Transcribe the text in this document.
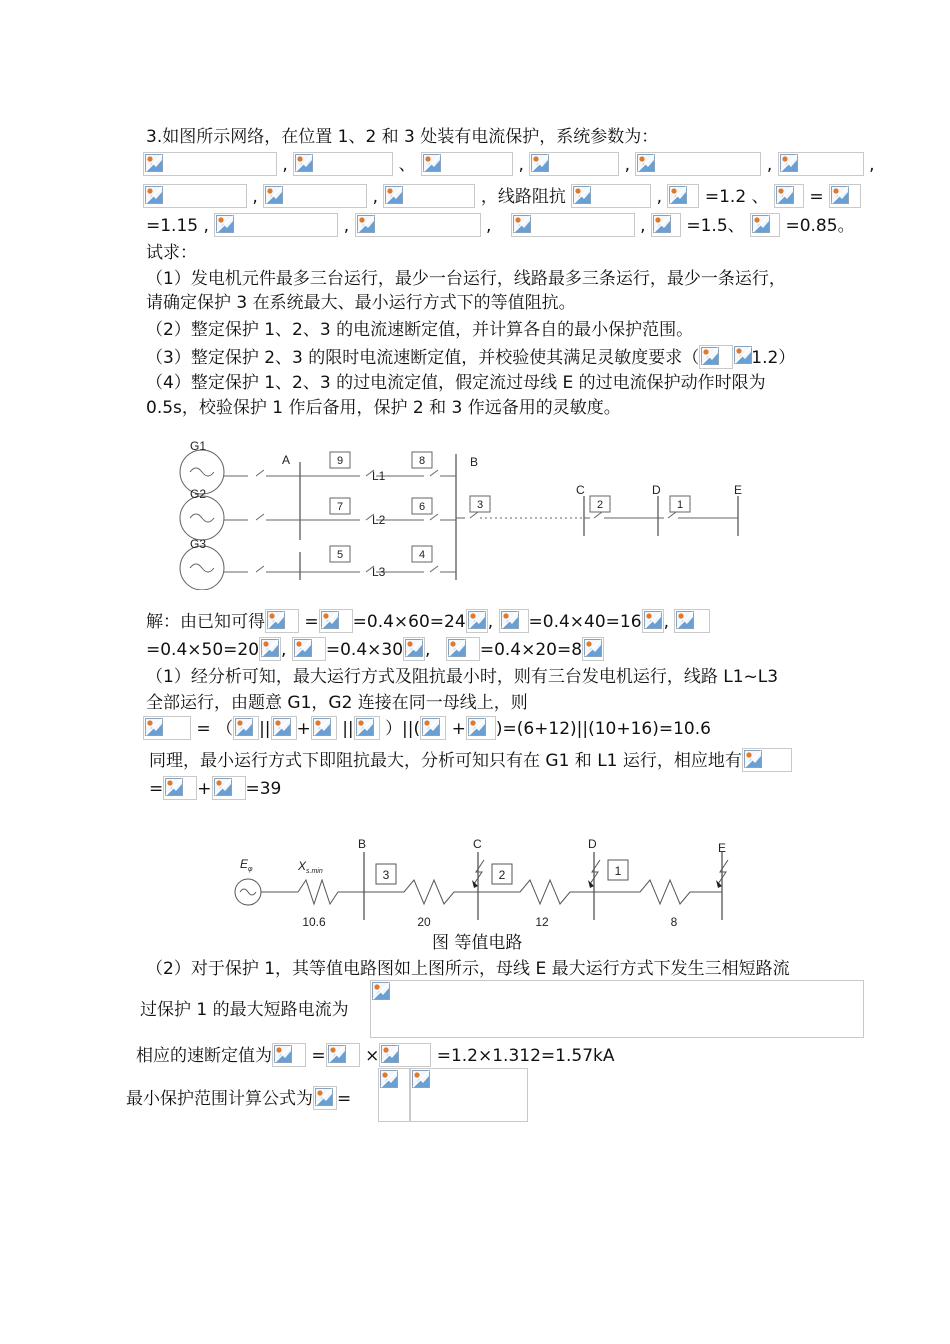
3.如图所示网络，在位置 1、2 和 3 处装有电流保护，系统参数为：
,	、	,	,	,	,
,	,	，线路阻抗	,	=1.2 、 =
=1.15 ,	,	,	, =1.5、 =0.85。
试求：
（1）发电机元件最多三台运行，最少一台运行，线路最多三条运行，最少一条运行，
请确定保护 3 在系统最大、最小运行方式下的等值阻抗。
（2）整定保护 1、2、3 的电流速断定值，并计算各自的最小保护范围。
（3）整定保护 2、3 的限时电流速断定值，并校验使其满足灵敏度要求（	1.2）
（4）整定保护 1、2、3 的过电流定值，假定流过母线 E 的过电流保护动作时限为
0.5s，校验保护 1 作后备用，保护 2 和 3 作远备用的灵敏度。
G1
G2
G3
L1
L2
L3
A	B
C	D	E
9	8
7	6
5	4
3	2	1
解：由已知可得 = =0.4×60=24 , =0.4×40=16 ,
=0.4×50=20 , =0.4×30 ,	=0.4×20=8
（1）经分析可知，最大运行方式及阻抗最小时，则有三台发电机运行，线路 L1~L3
全部运行，由题意 G1，G2 连接在同一母线上，则
= （ || + || ）||( + )=(6+12)||(10+16)=10.6
同理，最小运行方式下即阻抗最大，分析可知只有在 G1 和 L1 运行，相应地有
= + =39
$E_\varphi$	$X_{s.min}$
B	C	D	E
3	2	1
10.6	20	12	8
图 等值电路
（2）对于保护 1，其等值电路图如上图所示，母线 E 最大运行方式下发生三相短路流
过保护 1 的最大短路电流为
相应的速断定值为 = ×	=1.2×1.312=1.57kA
最小保护范围计算公式为 =
